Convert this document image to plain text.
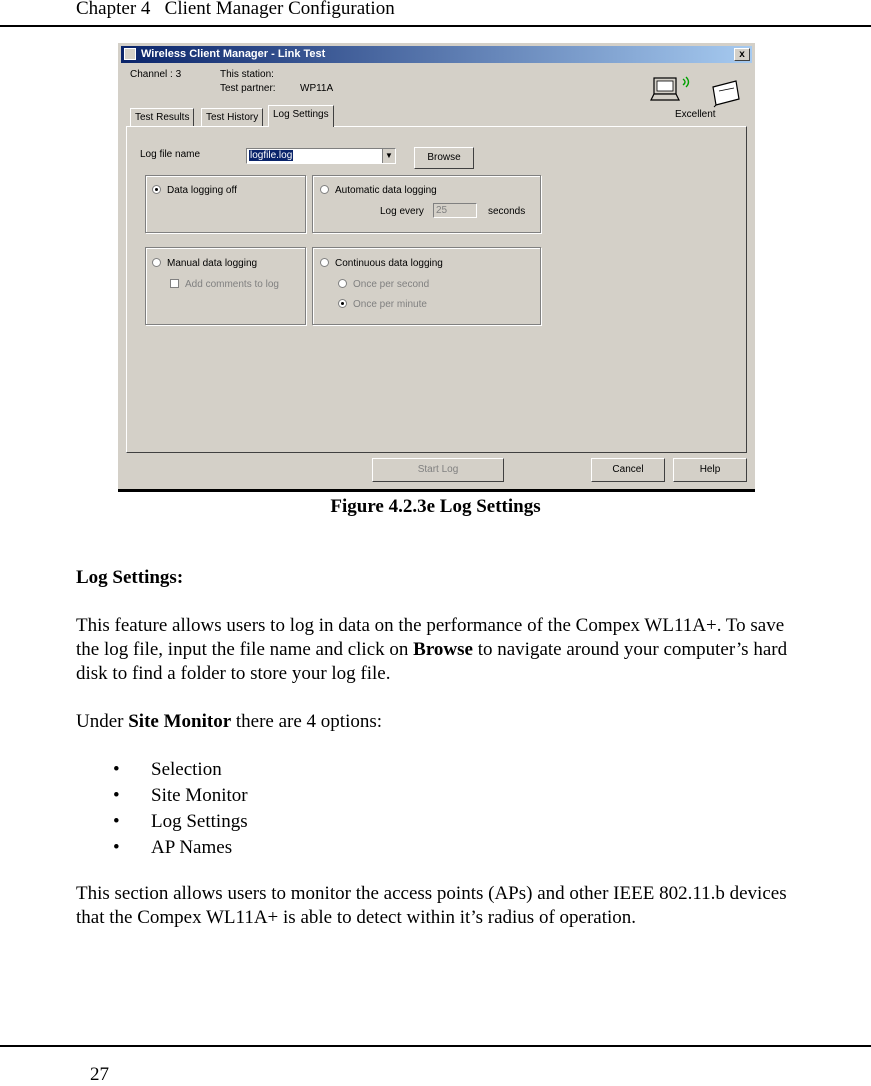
Chapter 4   Client Manager Configuration
Wireless Client Manager - Link Test	x
Channel : 3	This station:
Test partner: WP11A
Excellent
Test Results	Test History	Log Settings
Log file name	logfile.log	▼	Browse
Data logging off	Automatic data logging
Log every	25	seconds
Manual data logging
Add comments to log
Continuous data logging
Once per second
Once per minute
Start Log	Cancel	Help
Figure 4.2.3e Log Settings
Log Settings:
This feature allows users to log in data on the performance of the Compex WL11A+. To save the log file, input the file name and click on Browse to navigate around your computer’s hard disk to find a folder to store your log file.
Under Site Monitor there are 4 options:
• Selection
• Site Monitor
• Log Settings
• AP Names
This section allows users to monitor the access points (APs) and other IEEE 802.11.b devices that the Compex WL11A+ is able to detect within it’s radius of operation.
27
